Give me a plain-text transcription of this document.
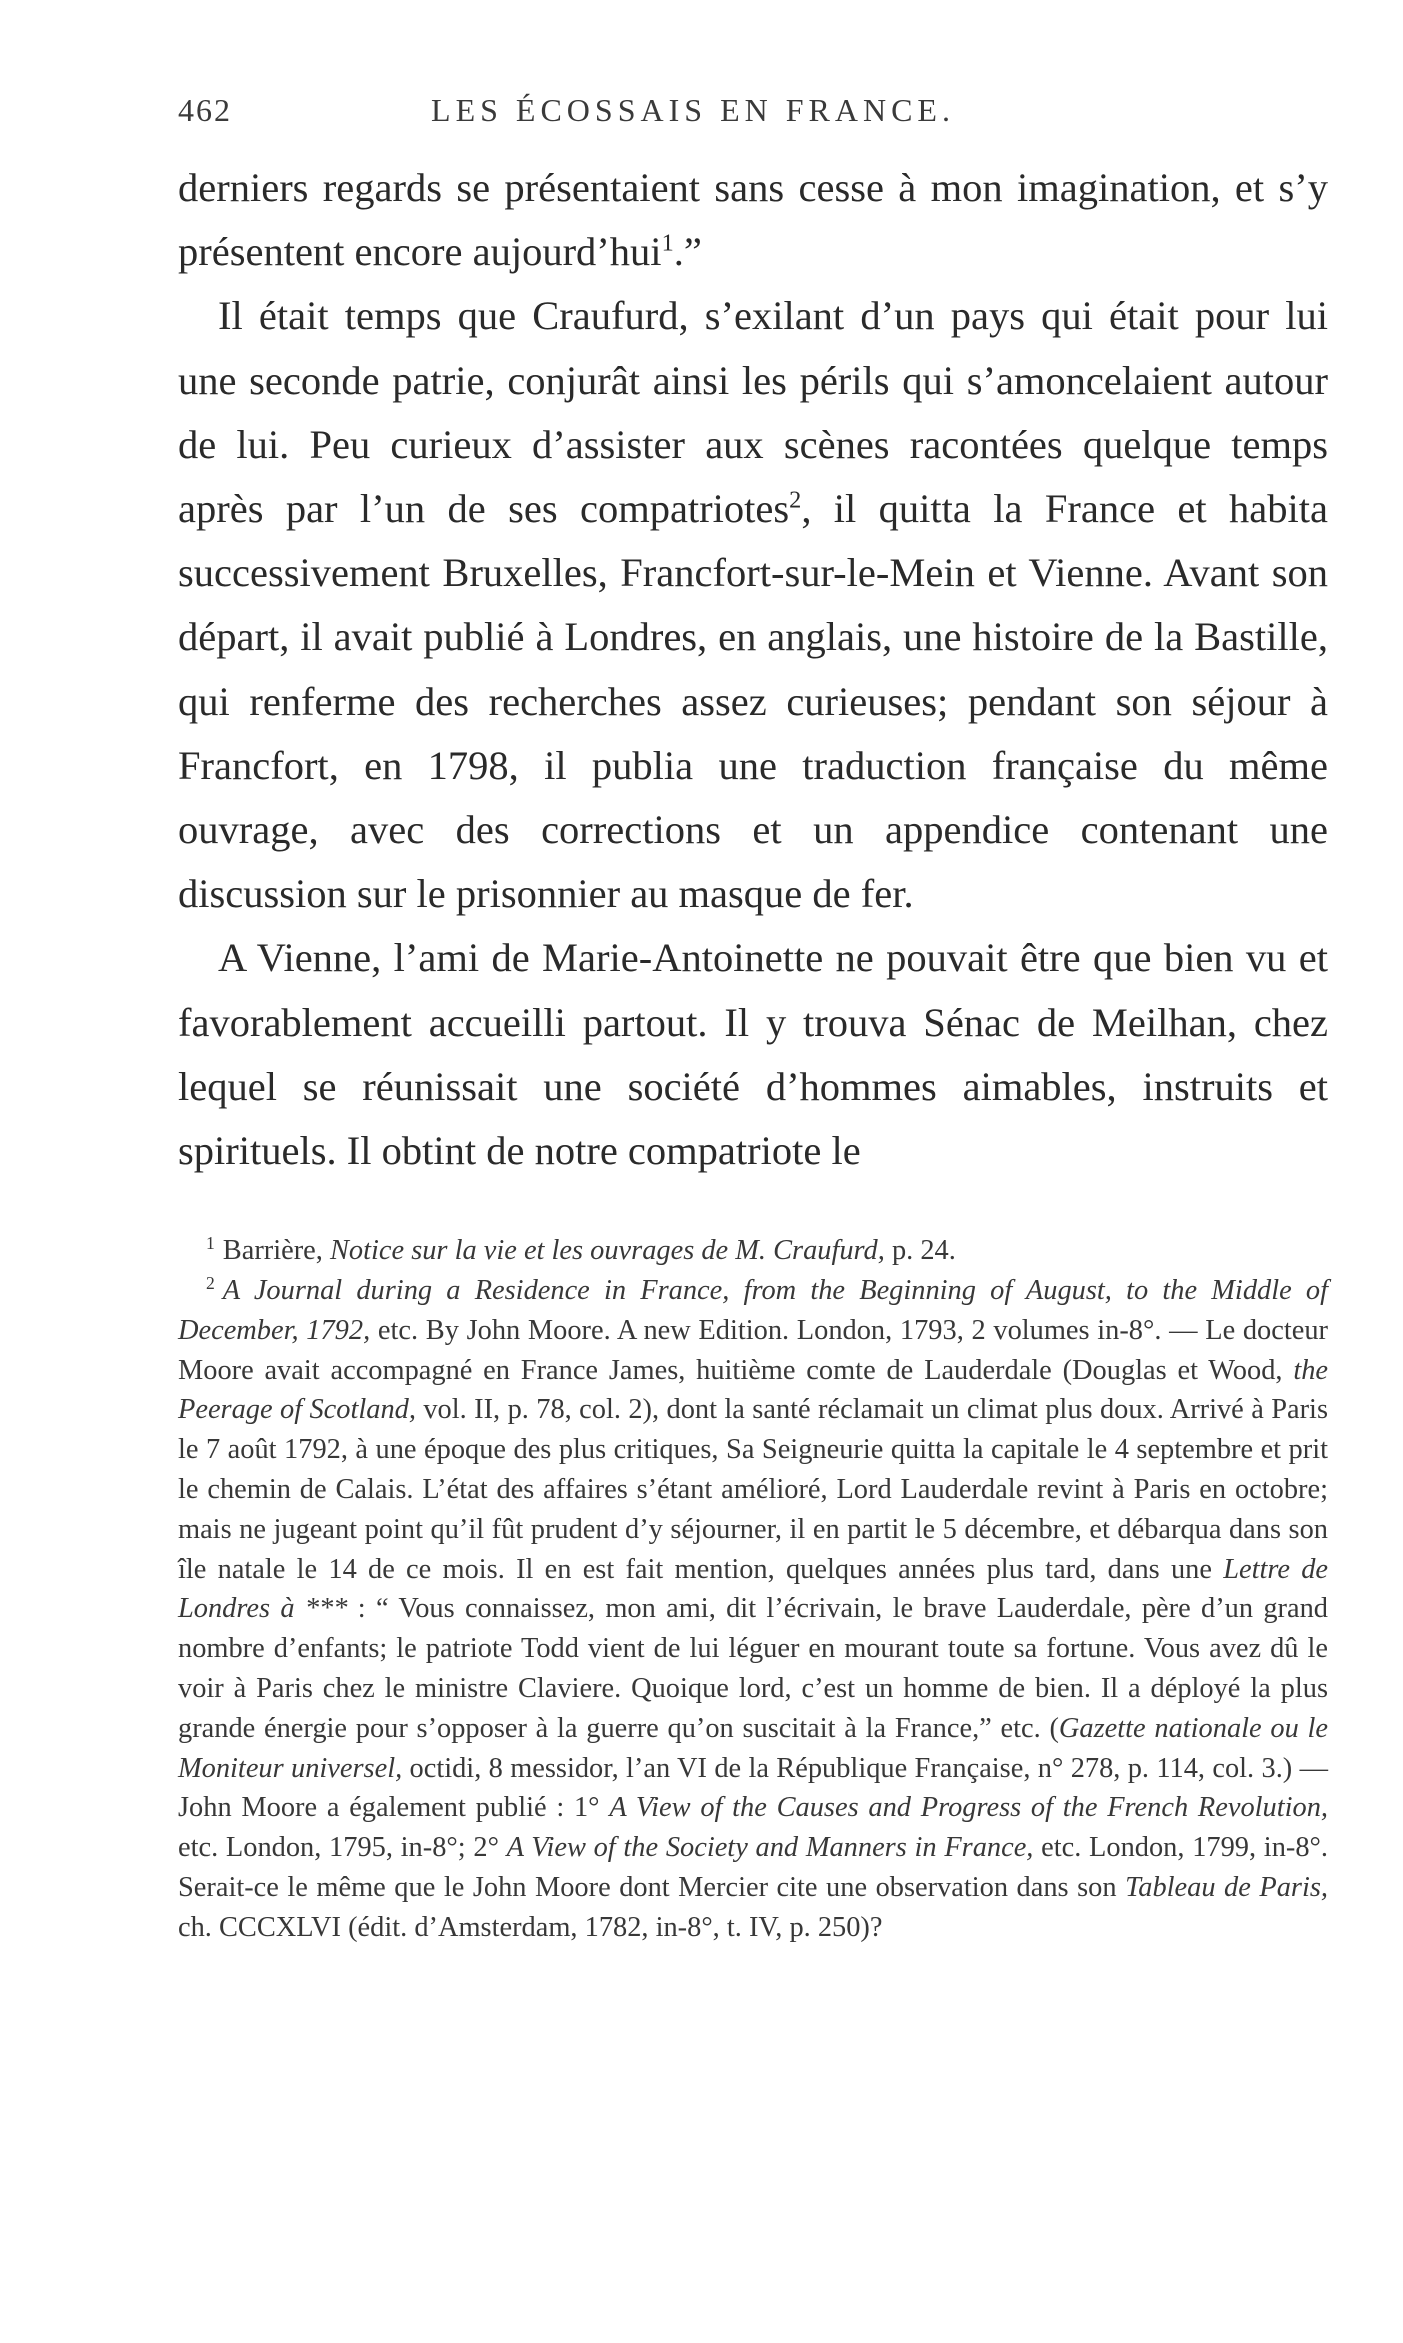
462	LES ÉCOSSAIS EN FRANCE.

derniers regards se présentaient sans cesse à mon imagination, et s’y présentent encore aujourd’hui$^1$.”

Il était temps que Craufurd, s’exilant d’un pays qui était pour lui une seconde patrie, conjurât ainsi les périls qui s’amoncelaient autour de lui. Peu curieux d’assister aux scènes racontées quelque temps après par l’un de ses compatriotes$^2$, il quitta la France et habita successivement Bruxelles, Francfort-sur-le-Mein et Vienne. Avant son départ, il avait publié à Londres, en anglais, une histoire de la Bastille, qui renferme des recherches assez curieuses; pendant son séjour à Francfort, en 1798, il publia une traduction française du même ouvrage, avec des corrections et un appendice contenant une discussion sur le prisonnier au masque de fer.

A Vienne, l’ami de Marie-Antoinette ne pouvait être que bien vu et favorablement accueilli partout. Il y trouva Sénac de Meilhan, chez lequel se réunissait une société d’hommes aimables, instruits et spirituels. Il obtint de notre compatriote le

$^1$ Barrière, Notice sur la vie et les ouvrages de M. Craufurd, p. 24.

$^2$ A Journal during a Residence in France, from the Beginning of August, to the Middle of December, 1792, etc. By John Moore. A new Edition. London, 1793, 2 volumes in-8°. — Le docteur Moore avait accompagné en France James, huitième comte de Lauderdale (Douglas et Wood, the Peerage of Scotland, vol. II, p. 78, col. 2), dont la santé réclamait un climat plus doux. Arrivé à Paris le 7 août 1792, à une époque des plus critiques, Sa Seigneurie quitta la capitale le 4 septembre et prit le chemin de Calais. L’état des affaires s’étant amélioré, Lord Lauderdale revint à Paris en octobre; mais ne jugeant point qu’il fût prudent d’y séjourner, il en partit le 5 décembre, et débarqua dans son île natale le 14 de ce mois. Il en est fait mention, quelques années plus tard, dans une Lettre de Londres à *** : “ Vous connaissez, mon ami, dit l’écrivain, le brave Lauderdale, père d’un grand nombre d’enfants; le patriote Todd vient de lui léguer en mourant toute sa fortune. Vous avez dû le voir à Paris chez le ministre Claviere. Quoique lord, c’est un homme de bien. Il a déployé la plus grande énergie pour s’opposer à la guerre qu’on suscitait à la France,” etc. (Gazette nationale ou le Moniteur universel, octidi, 8 messidor, l’an VI de la République Française, n° 278, p. 114, col. 3.) — John Moore a également publié : 1° A View of the Causes and Progress of the French Revolution, etc. London, 1795, in-8°; 2° A View of the Society and Manners in France, etc. London, 1799, in-8°. Serait-ce le même que le John Moore dont Mercier cite une observation dans son Tableau de Paris, ch. CCCXLVI (édit. d’Amsterdam, 1782, in-8°, t. IV, p. 250)?
